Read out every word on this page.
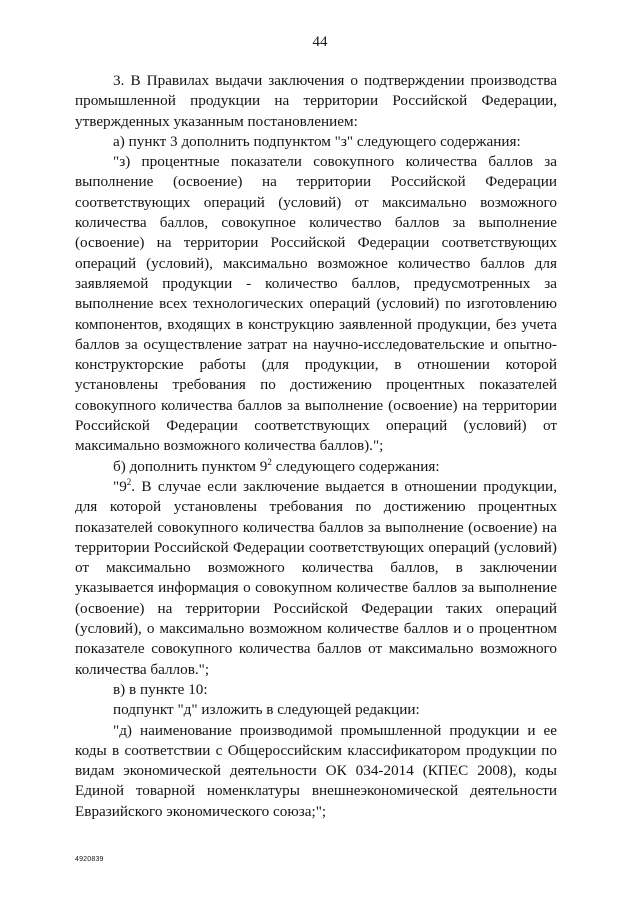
44

3. В Правилах выдачи заключения о подтверждении производства промышленной продукции на территории Российской Федерации, утвержденных указанным постановлением:

а) пункт 3 дополнить подпунктом "з" следующего содержания:

"з) процентные показатели совокупного количества баллов за выполнение (освоение) на территории Российской Федерации соответствующих операций (условий) от максимально возможного количества баллов, совокупное количество баллов за выполнение (освоение) на территории Российской Федерации соответствующих операций (условий), максимально возможное количество баллов для заявляемой продукции - количество баллов, предусмотренных за выполнение всех технологических операций (условий) по изготовлению компонентов, входящих в конструкцию заявленной продукции, без учета баллов за осуществление затрат на научно-исследовательские и опытно-конструкторские работы (для продукции, в отношении которой установлены требования по достижению процентных показателей совокупного количества баллов за выполнение (освоение) на территории Российской Федерации соответствующих операций (условий) от максимально возможного количества баллов).";

б) дополнить пунктом $9^2$ следующего содержания:

"$9^2$. В случае если заключение выдается в отношении продукции, для которой установлены требования по достижению процентных показателей совокупного количества баллов за выполнение (освоение) на территории Российской Федерации соответствующих операций (условий) от максимально возможного количества баллов, в заключении указывается информация о совокупном количестве баллов за выполнение (освоение) на территории Российской Федерации таких операций (условий), о максимально возможном количестве баллов и о процентном показателе совокупного количества баллов от максимально возможного количества баллов.";

в) в пункте 10:

подпункт "д" изложить в следующей редакции:

"д) наименование производимой промышленной продукции и ее коды в соответствии с Общероссийским классификатором продукции по видам экономической деятельности ОК 034-2014 (КПЕС 2008), коды Единой товарной номенклатуры внешнеэкономической деятельности Евразийского экономического союза;";

4920839
